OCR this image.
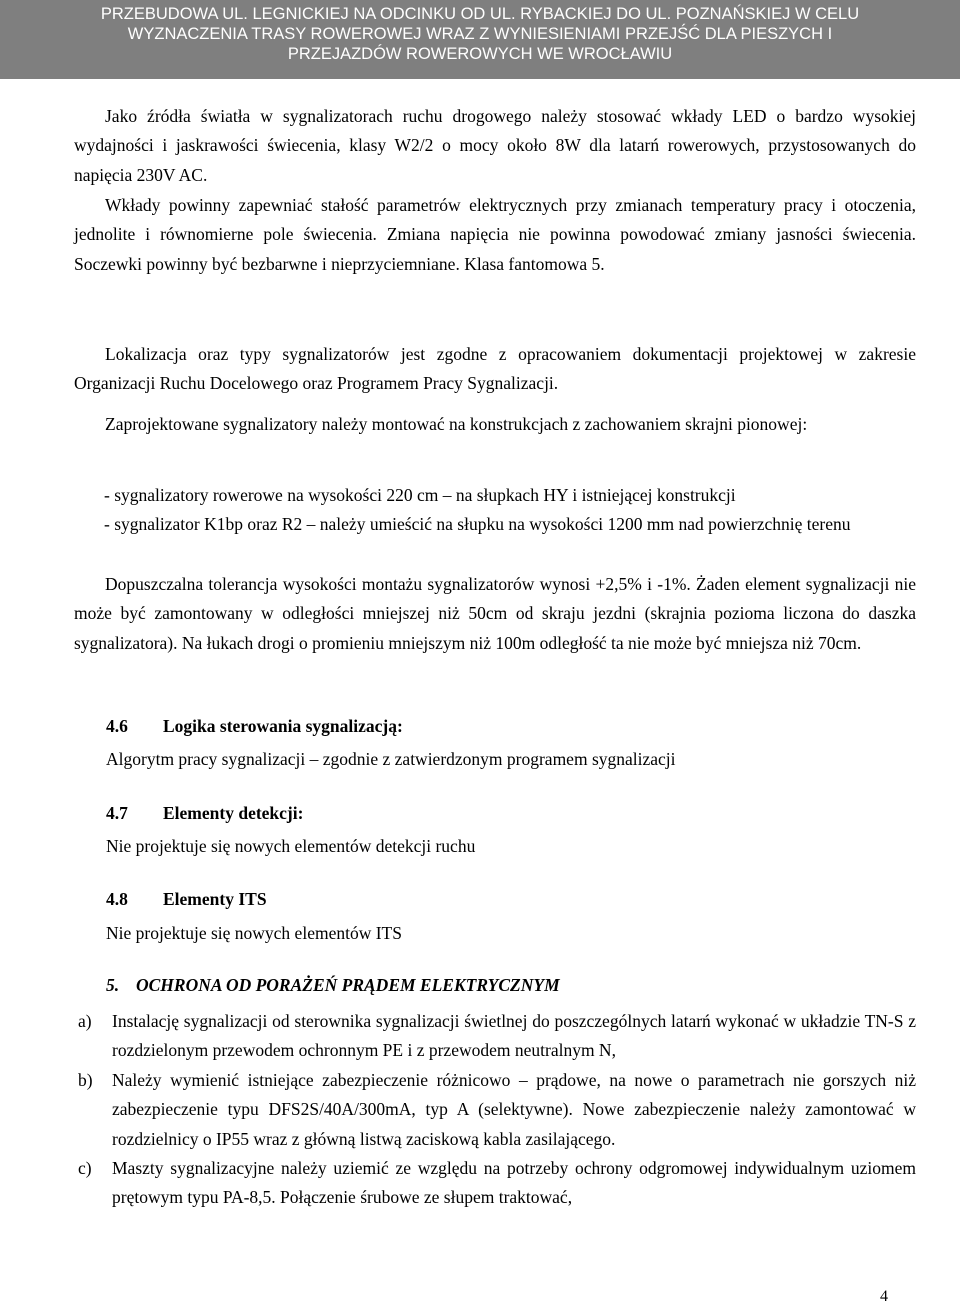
PRZEBUDOWA UL. LEGNICKIEJ NA ODCINKU OD UL. RYBACKIEJ DO UL. POZNAŃSKIEJ W CELU
WYZNACZENIA TRASY ROWEROWEJ WRAZ Z WYNIESIENIAMI PRZEJŚĆ DLA PIESZYCH I
PRZEJAZDÓW ROWEROWYCH WE WROCŁAWIU

Jako źródła światła w sygnalizatorach ruchu drogowego należy stosować wkłady LED o bardzo wysokiej wydajności i jaskrawości świecenia, klasy W2/2 o mocy około 8W dla latarń rowerowych, przystosowanych do napięcia 230V AC.

Wkłady powinny zapewniać stałość parametrów elektrycznych przy zmianach temperatury pracy i otoczenia, jednolite i równomierne pole świecenia. Zmiana napięcia nie powinna powodować zmiany jasności świecenia. Soczewki powinny być bezbarwne i nieprzyciemniane. Klasa fantomowa 5.

Lokalizacja oraz typy sygnalizatorów jest zgodne z opracowaniem dokumentacji projektowej w zakresie Organizacji Ruchu Docelowego oraz Programem Pracy Sygnalizacji.

Zaprojektowane sygnalizatory należy montować na konstrukcjach z zachowaniem skrajni pionowej:

- sygnalizatory rowerowe na wysokości 220 cm – na słupkach HY i istniejącej konstrukcji
- sygnalizator K1bp oraz R2 – należy umieścić na słupku na wysokości 1200 mm nad powierzchnię terenu

Dopuszczalna tolerancja wysokości montażu sygnalizatorów wynosi +2,5% i -1%. Żaden element sygnalizacji nie może być zamontowany w odległości mniejszej niż 50cm od skraju jezdni (skrajnia pozioma liczona do daszka sygnalizatora). Na łukach drogi o promieniu mniejszym niż 100m odległość ta nie może być mniejsza niż 70cm.

4.6 Logika sterowania sygnalizacją:
Algorytm pracy sygnalizacji – zgodnie z zatwierdzonym programem sygnalizacji
4.7 Elementy detekcji:
Nie projektuje się nowych elementów detekcji ruchu
4.8 Elementy ITS
Nie projektuje się nowych elementów ITS
5. OCHRONA OD PORAŻEŃ PRĄDEM ELEKTRYCZNYM
a) Instalację sygnalizacji od sterownika sygnalizacji świetlnej do poszczególnych latarń wykonać w układzie TN-S z rozdzielonym przewodem ochronnym PE i z przewodem neutralnym N,
b) Należy wymienić istniejące zabezpieczenie różnicowo – prądowe, na nowe o parametrach nie gorszych niż zabezpieczenie typu DFS2S/40A/300mA, typ A (selektywne). Nowe zabezpieczenie należy zamontować w rozdzielnicy o IP55 wraz z główną listwą zaciskową kabla zasilającego.
c) Maszty sygnalizacyjne należy uziemić ze względu na potrzeby ochrony odgromowej indywidualnym uziomem prętowym typu PA-8,5. Połączenie śrubowe ze słupem traktować,
4
